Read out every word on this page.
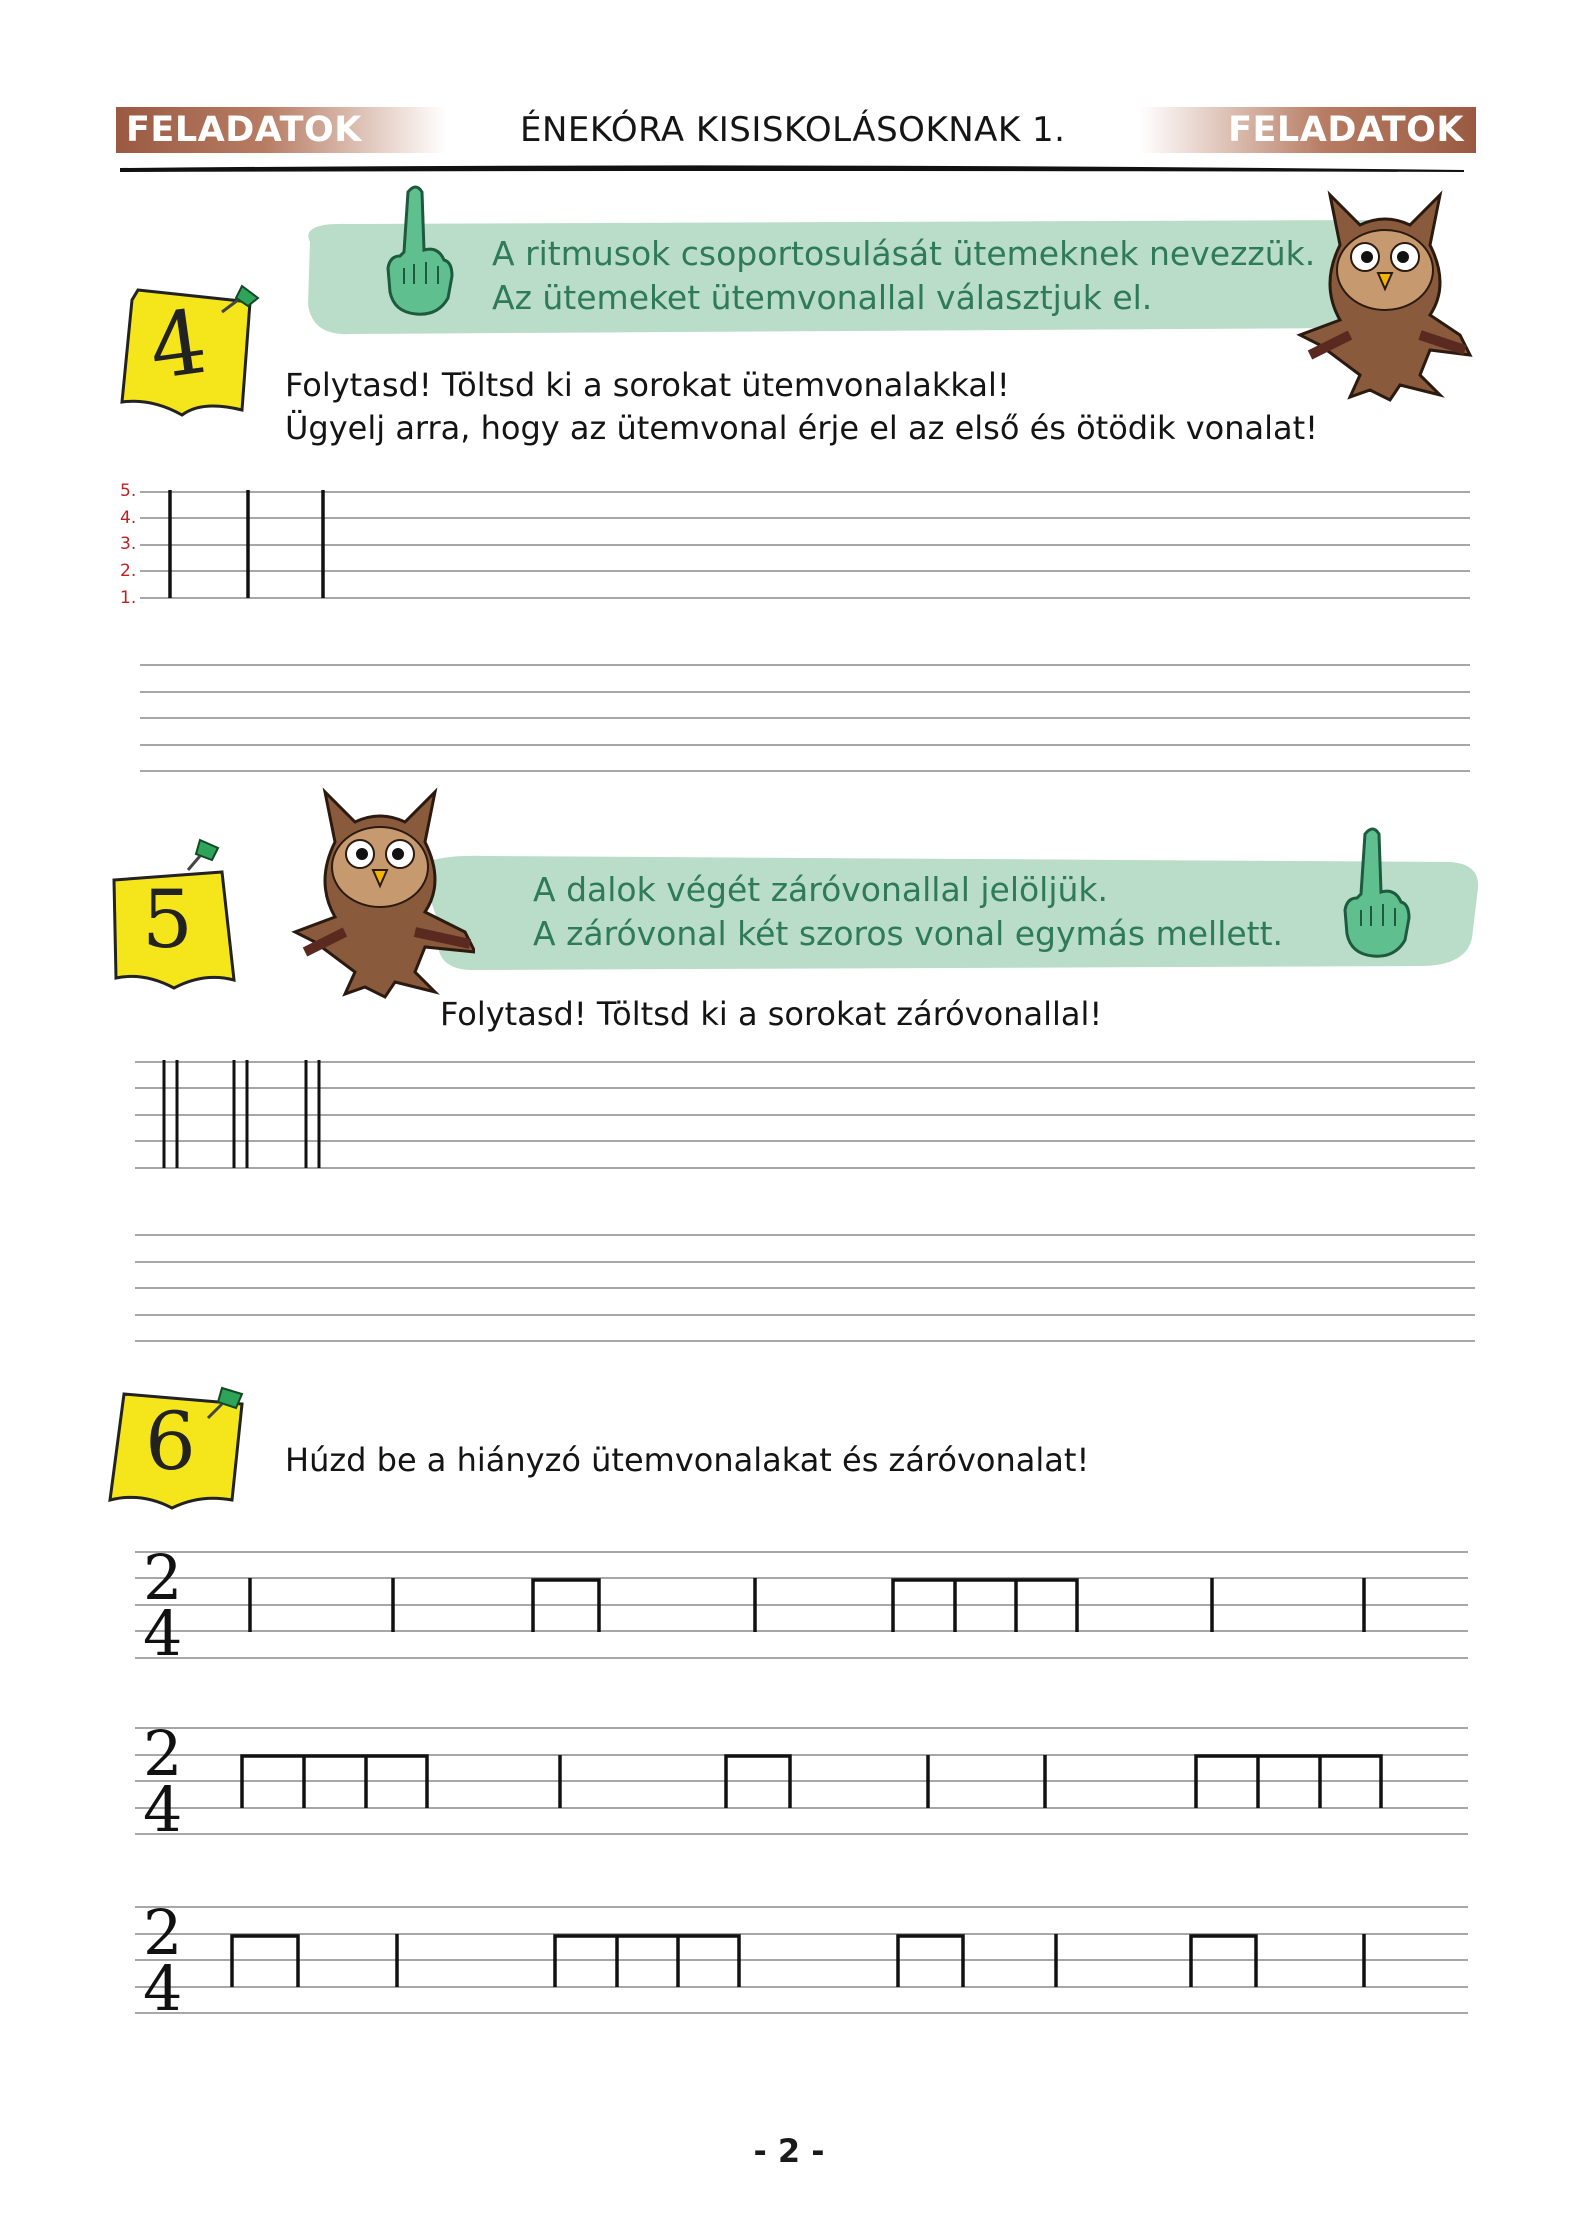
FELADATOK	ÉNEKÓRA KISISKOLÁSOKNAK 1.	FELADATOK
A ritmusok csoportosulását ütemeknek nevezzük.
Az ütemeket ütemvonallal választjuk el.
4 Folytasd! Töltsd ki a sorokat ütemvonalakkal!
Ügyelj arra, hogy az ütemvonal érje el az első és ötödik vonalat!
5.
4.
3.
2.
1.
A dalok végét záróvonallal jelöljük.
A záróvonal két szoros vonal egymás mellett.
5
Folytasd! Töltsd ki a sorokat záróvonallal!
6	Húzd be a hiányzó ütemvonalakat és záróvonalat!
2
4
2
4
2
4
- 2 -
